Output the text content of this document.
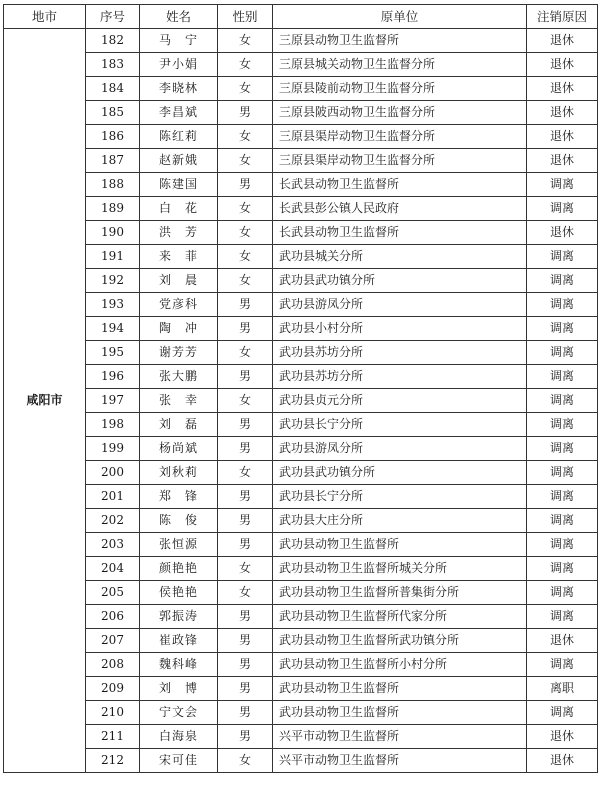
地市	序号	姓名	性别	原单位	注销原因
咸阳市	182	马　宁	女	三原县动物卫生监督所	退休
	183	尹小娟	女	三原县城关动物卫生监督分所	退休
	184	李晓林	女	三原县陵前动物卫生监督分所	退休
	185	李昌斌	男	三原县陂西动物卫生监督分所	退休
	186	陈红莉	女	三原县渠岸动物卫生监督分所	退休
	187	赵新娥	女	三原县渠岸动物卫生监督分所	退休
	188	陈建国	男	长武县动物卫生监督所	调离
	189	白　花	女	长武县彭公镇人民政府	调离
	190	洪　芳	女	长武县动物卫生监督所	退休
	191	来　菲	女	武功县城关分所	调离
	192	刘　晨	女	武功县武功镇分所	调离
	193	党彦科	男	武功县游凤分所	调离
	194	陶　冲	男	武功县小村分所	调离
	195	谢芳芳	女	武功县苏坊分所	调离
	196	张大鹏	男	武功县苏坊分所	调离
	197	张　幸	女	武功县贞元分所	调离
	198	刘　磊	男	武功县长宁分所	调离
	199	杨尚斌	男	武功县游凤分所	调离
	200	刘秋莉	女	武功县武功镇分所	调离
	201	郑　锋	男	武功县长宁分所	调离
	202	陈　俊	男	武功县大庄分所	调离
	203	张恒源	男	武功县动物卫生监督所	调离
	204	颜艳艳	女	武功县动物卫生监督所城关分所	调离
	205	侯艳艳	女	武功县动物卫生监督所普集街分所	调离
	206	郭振涛	男	武功县动物卫生监督所代家分所	调离
	207	崔政锋	男	武功县动物卫生监督所武功镇分所	退休
	208	魏科峰	男	武功县动物卫生监督所小村分所	调离
	209	刘　博	男	武功县动物卫生监督所	离职
	210	宁文会	男	武功县动物卫生监督所	调离
	211	白海泉	男	兴平市动物卫生监督所	退休
	212	宋可佳	女	兴平市动物卫生监督所	退休
